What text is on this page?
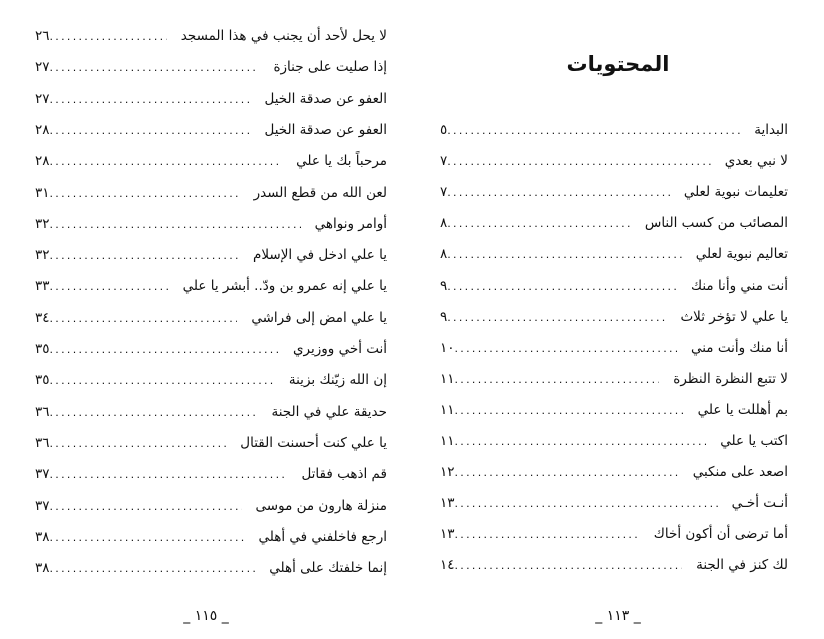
لا يحل لأحد أن يجنب في هذا المسجد
.....
٢٦
إذا صليت على جنازة
.....
٢٧
العفو عن صدقة الخيل
.....
٢٧
العفو عن صدقة الخيل
.....
٢٨
مرحباً بك يا علي
.....
٢٨
لعن الله من قطع السدر
.....
٣١
أوامر ونواهي
.....
٣٢
يا علي ادخل في الإسلام
.....
٣٢
يا علي إنه عمرو بن ودّ.. أبشر يا علي
.....
٣٣
يا علي امض إلى فراشي
.....
٣٤
أنت أخي ووزيري
.....
٣٥
إن الله زيّنك بزينة
.....
٣٥
حديقة علي في الجنة
.....
٣٦
يا علي كنت أحسنت القتال
.....
٣٦
قم اذهب فقاتل
.....
٣٧
منزلة هارون من موسى
.....
٣٧
ارجع فاخلفني في أهلي
.....
٣٨
إنما خلفتك على أهلي
.....
٣٨
_ ١١٥ _
المحتويات
البداية
.....
٥
لا نبي بعدي
.....
٧
تعليمات نبوية لعلي
.....
٧
المصائب من كسب الناس
.....
٨
تعاليم نبوية لعلي
.....
٨
أنت مني وأنا منك
.....
٩
يا علي لا تؤخر ثلاث
.....
٩
أنا منك وأنت مني
.....
١٠
لا تتبع النظرة النظرة
.....
١١
بم أهللت يا علي
.....
١١
اكتب يا علي
.....
١١
اصعد على منكبي
.....
١٢
أنـت أخـي
.....
١٣
أما ترضى أن أكون أخاك
.....
١٣
لك كنز في الجنة
.....
١٤
_ ١١٣ _
